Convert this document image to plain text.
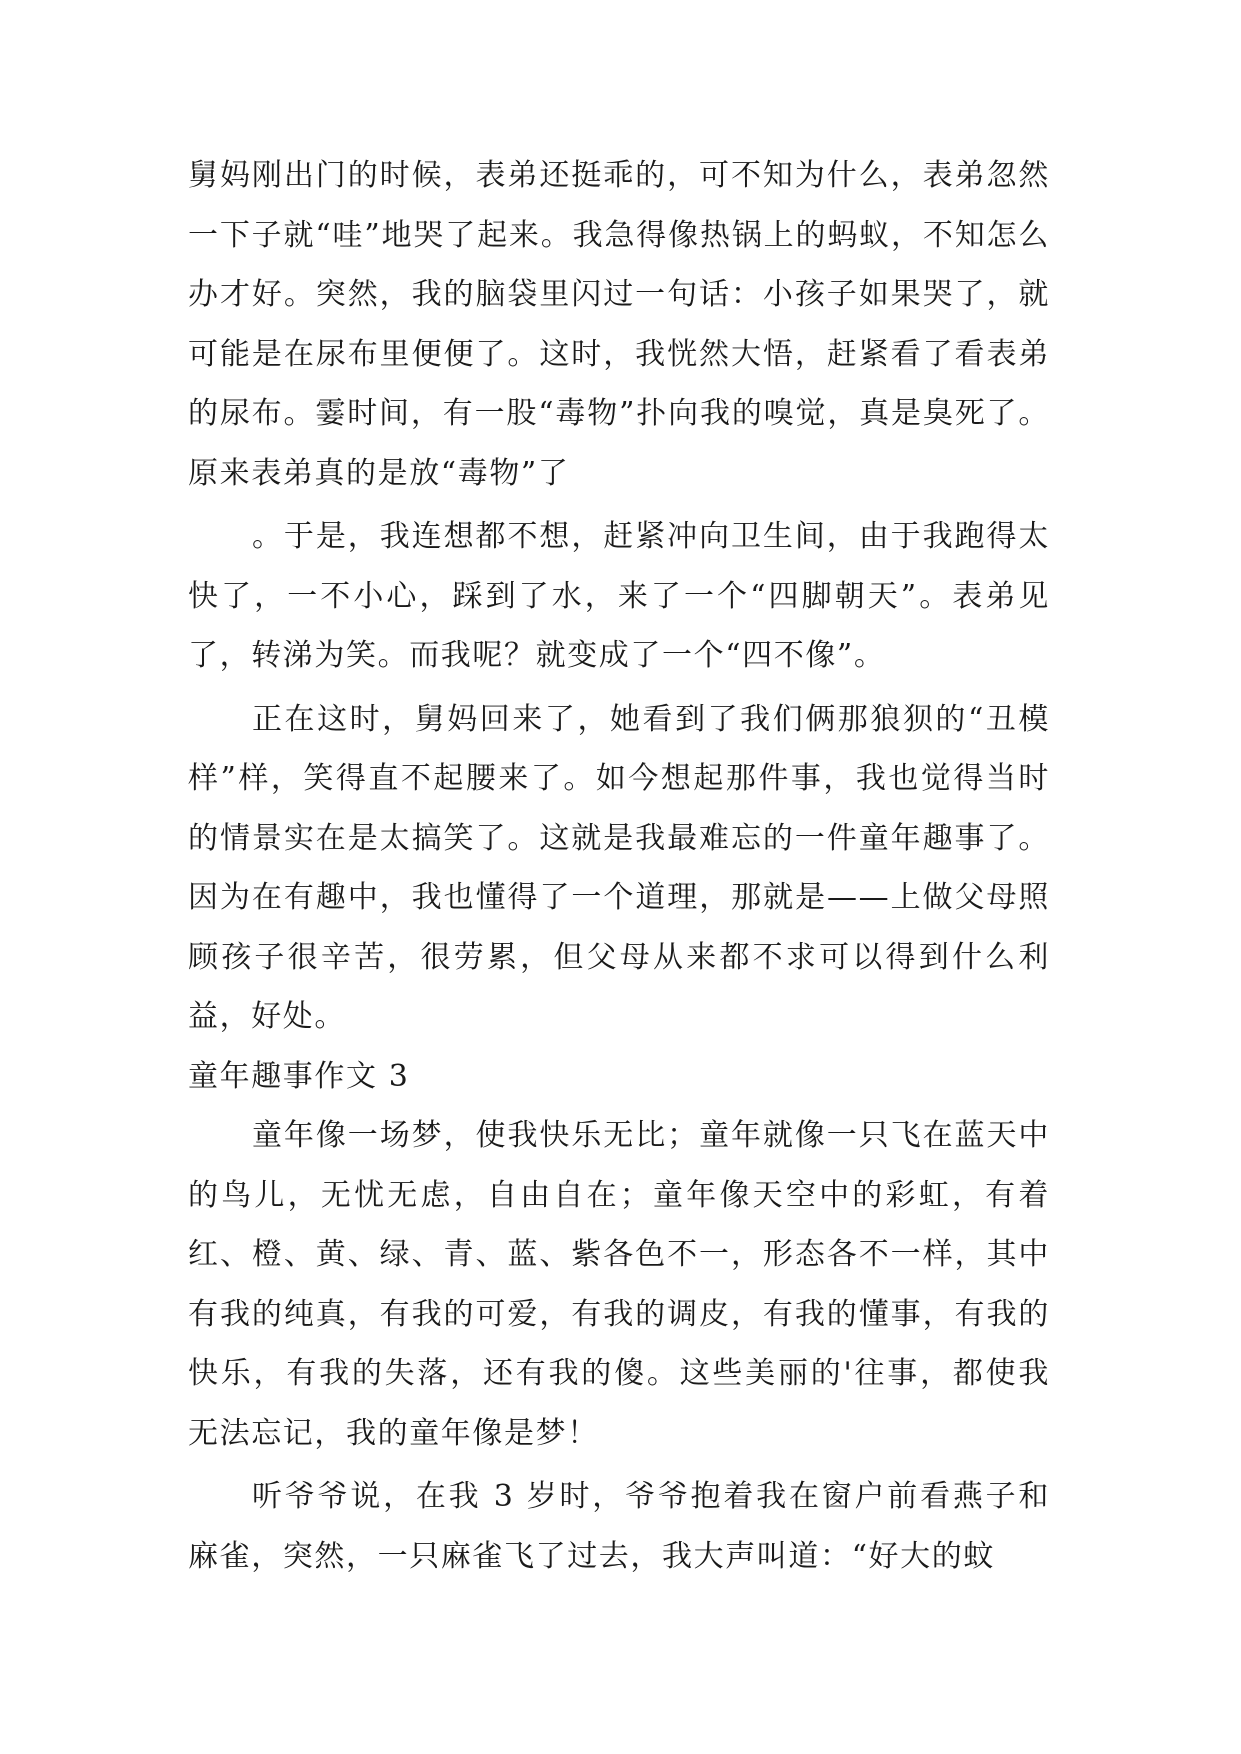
舅妈刚出门的时候，表弟还挺乖的，可不知为什么，表弟忽然一下子就“哇”地哭了起来。我急得像热锅上的蚂蚁，不知怎么办才好。突然，我的脑袋里闪过一句话：小孩子如果哭了，就可能是在尿布里便便了。这时，我恍然大悟，赶紧看了看表弟的尿布。霎时间，有一股“毒物”扑向我的嗅觉，真是臭死了。原来表弟真的是放“毒物”了

。于是，我连想都不想，赶紧冲向卫生间，由于我跑得太快了，一不小心，踩到了水，来了一个“四脚朝天”。表弟见了，转涕为笑。而我呢？就变成了一个“四不像”。

正在这时，舅妈回来了，她看到了我们俩那狼狈的“丑模样”样，笑得直不起腰来了。如今想起那件事，我也觉得当时的情景实在是太搞笑了。这就是我最难忘的一件童年趣事了。因为在有趣中，我也懂得了一个道理，那就是——上做父母照顾孩子很辛苦，很劳累，但父母从来都不求可以得到什么利益，好处。

童年趣事作文 3

童年像一场梦，使我快乐无比；童年就像一只飞在蓝天中的鸟儿，无忧无虑，自由自在；童年像天空中的彩虹，有着红、橙、黄、绿、青、蓝、紫各色不一，形态各不一样，其中有我的纯真，有我的可爱，有我的调皮，有我的懂事，有我的快乐，有我的失落，还有我的傻。这些美丽的'往事，都使我无法忘记，我的童年像是梦！

听爷爷说，在我 3 岁时，爷爷抱着我在窗户前看燕子和麻雀，突然，一只麻雀飞了过去，我大声叫道：“好大的蚊
